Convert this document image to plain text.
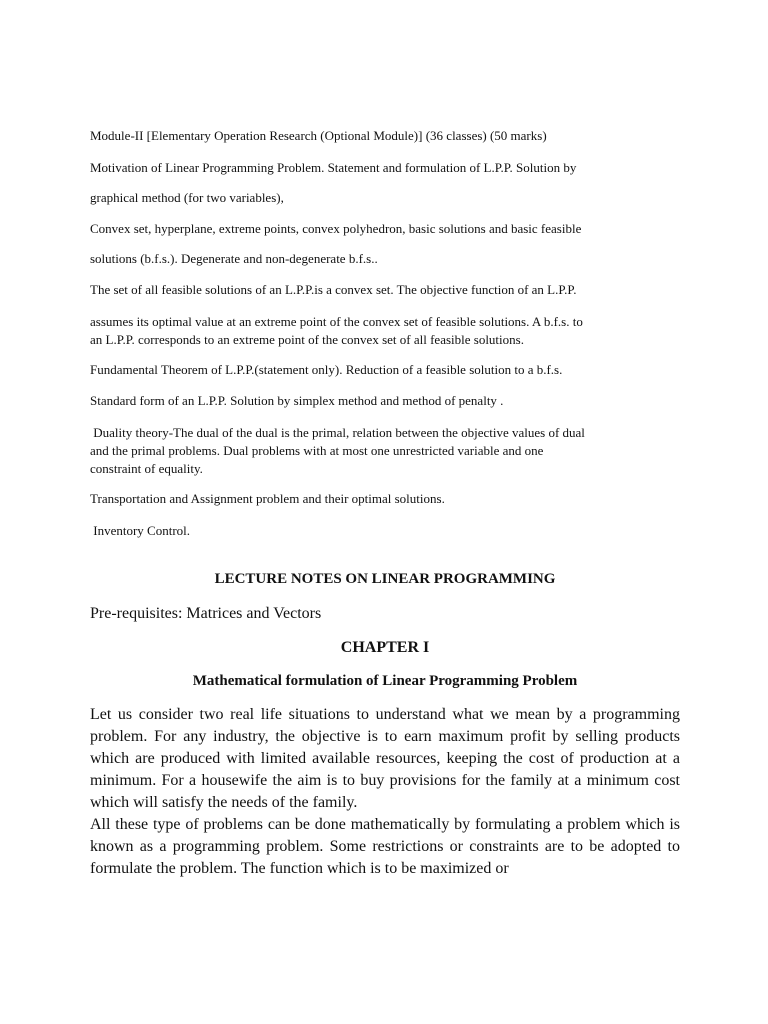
Module-II [Elementary Operation Research (Optional Module)] (36 classes) (50 marks)
Motivation of Linear Programming Problem. Statement and formulation of L.P.P. Solution by
graphical method (for two variables),
Convex set, hyperplane, extreme points, convex polyhedron, basic solutions and basic feasible
solutions (b.f.s.). Degenerate and non-degenerate b.f.s..
The set of all feasible solutions of an L.P.P.is a convex set. The objective function of an L.P.P.
assumes its optimal value at an extreme point of the convex set of feasible solutions. A b.f.s. to
an L.P.P. corresponds to an extreme point of the convex set of all feasible solutions.
Fundamental Theorem of L.P.P.(statement only). Reduction of a feasible solution to a b.f.s.
Standard form of an L.P.P. Solution by simplex method and method of penalty .
Duality theory-The dual of the dual is the primal, relation between the objective values of dual
and the primal problems. Dual problems with at most one unrestricted variable and one
constraint of equality.
Transportation and Assignment problem and their optimal solutions.
Inventory Control.
LECTURE NOTES ON LINEAR PROGRAMMING
Pre-requisites: Matrices and Vectors
CHAPTER I
Mathematical formulation of Linear Programming Problem

Let us consider two real life situations to understand what we mean by a programming problem. For any industry, the objective is to earn maximum profit by selling products which are produced with limited available resources, keeping the cost of production at a minimum. For a housewife the aim is to buy provisions for the family at a minimum cost which will satisfy the needs of the family.

All these type of problems can be done mathematically by formulating a problem which is known as a programming problem. Some restrictions or constraints are to be adopted to formulate the problem. The function which is to be maximized or
